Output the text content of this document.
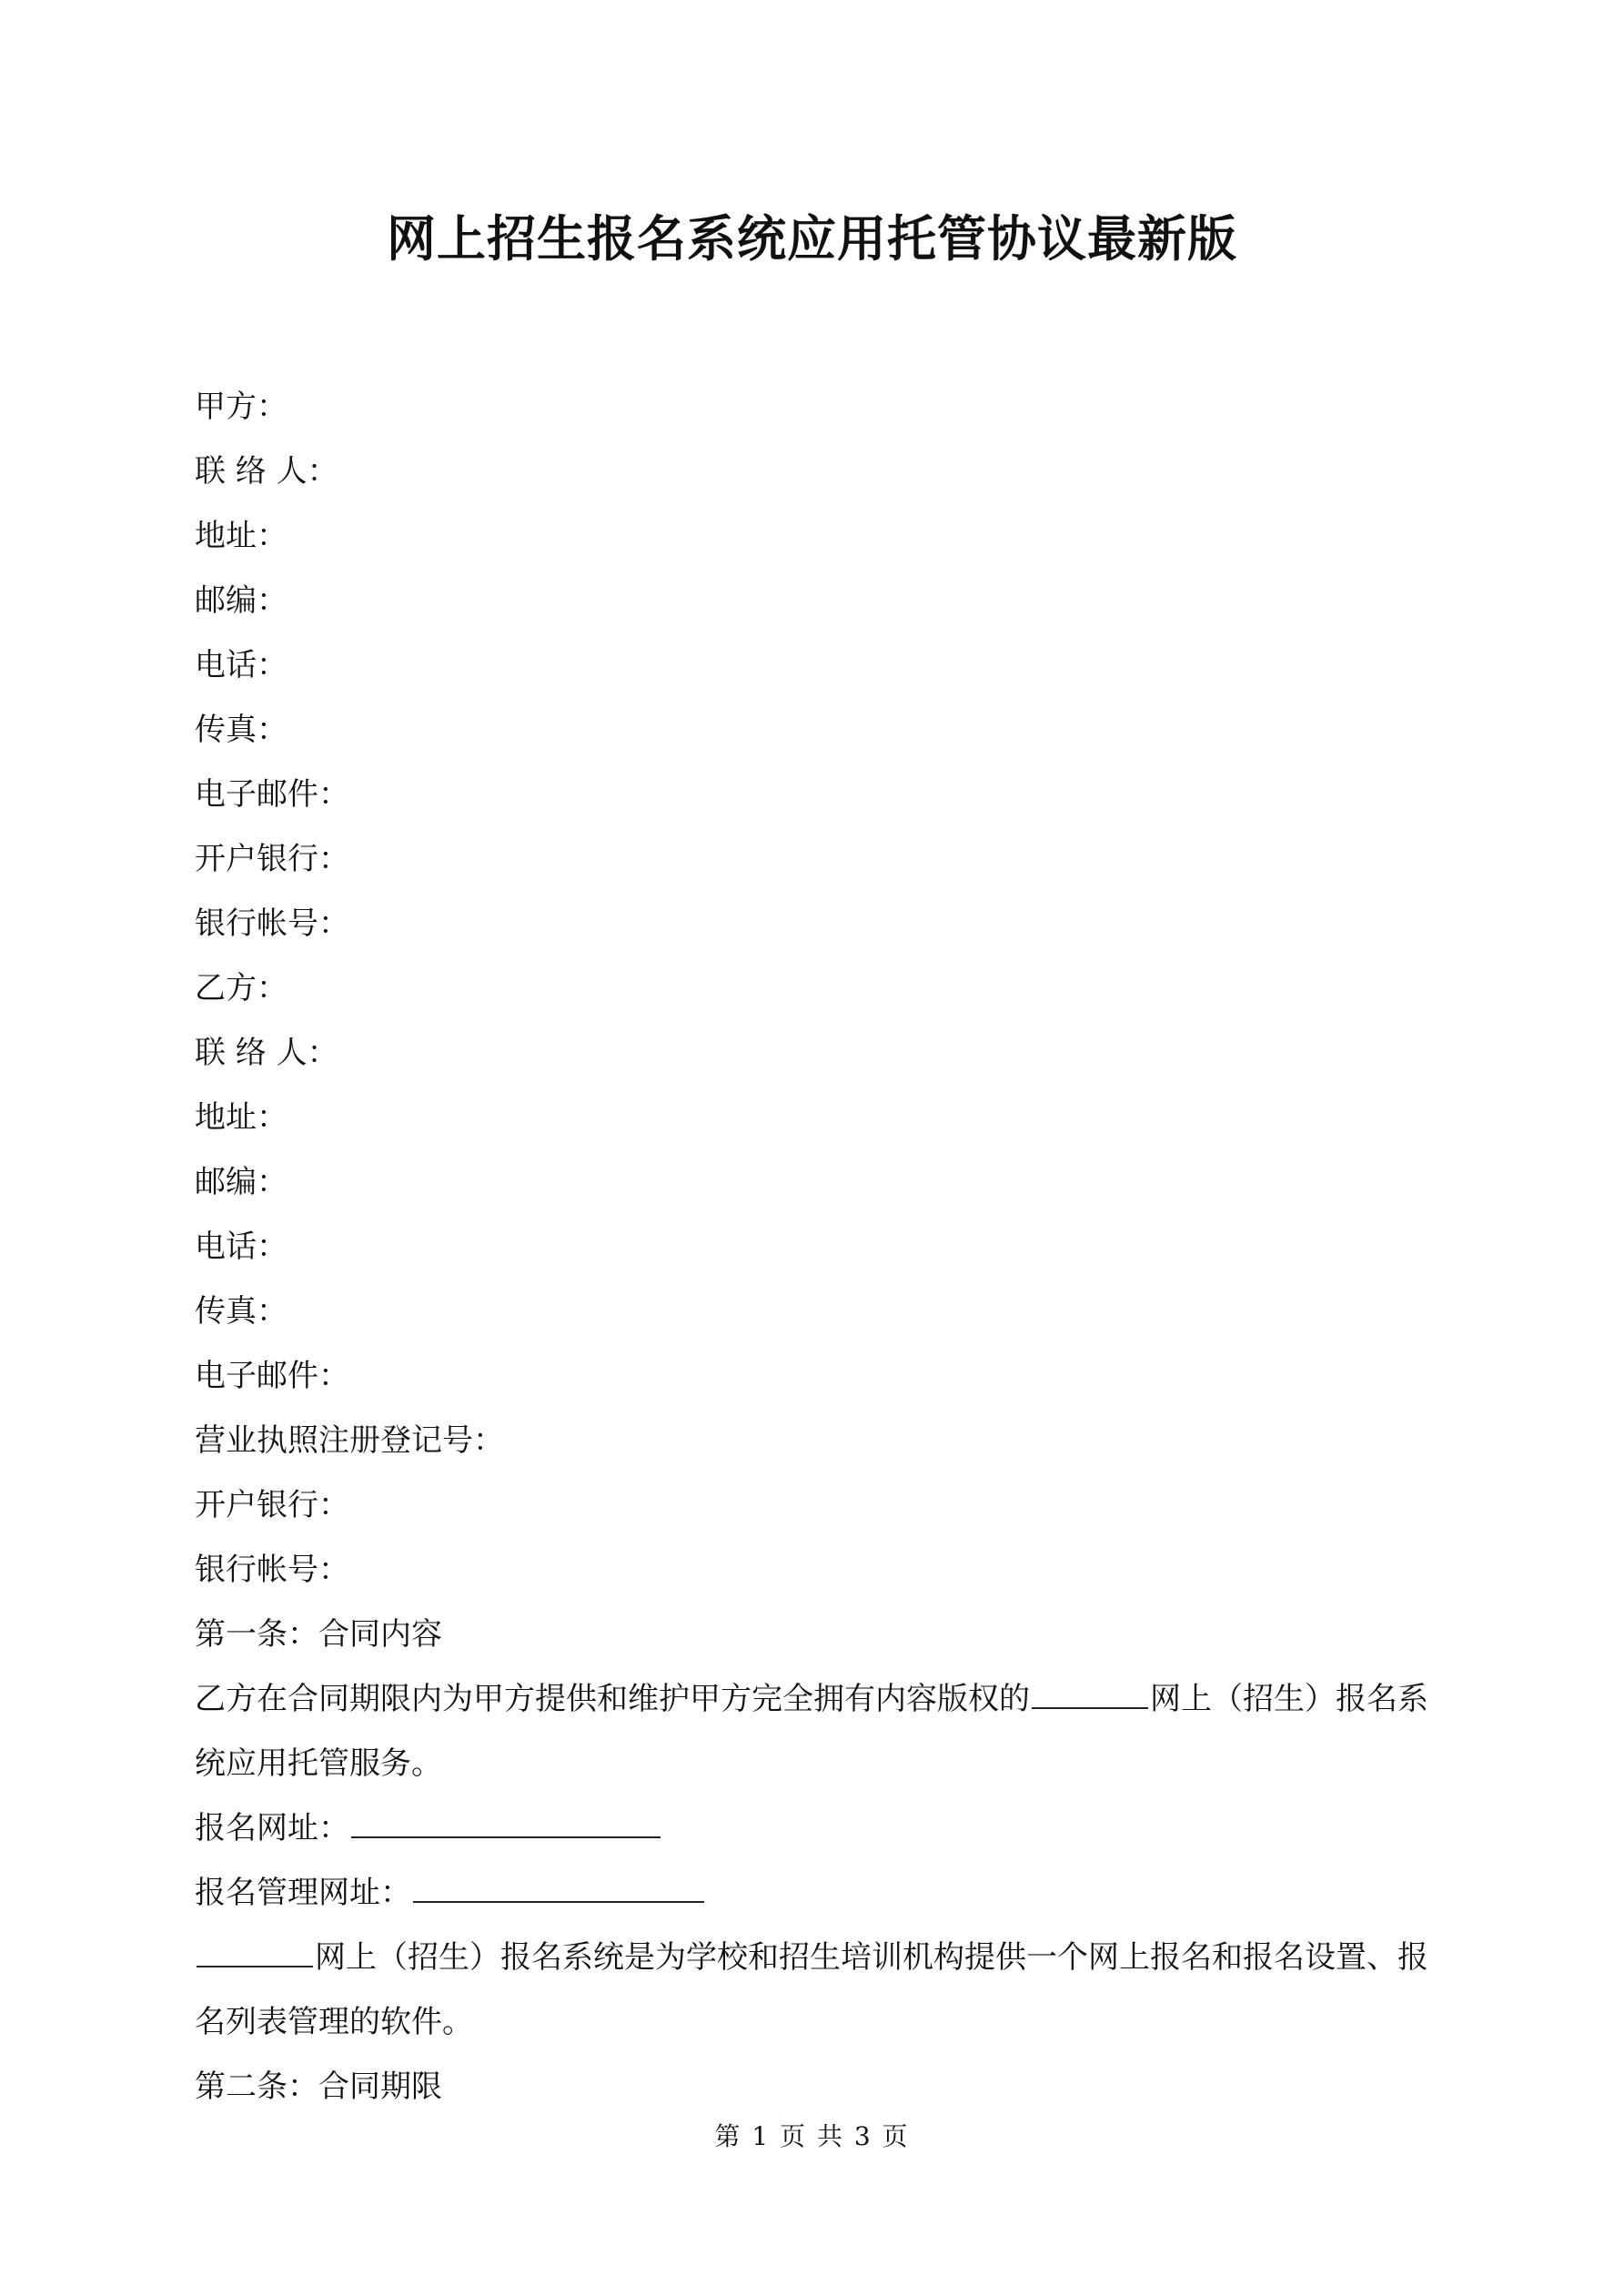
网上招生报名系统应用托管协议最新版
甲方：
联 络 人：
地址：
邮编：
电话：
传真：
电子邮件：
开户银行：
银行帐号：
乙方：
联 络 人：
地址：
邮编：
电话：
传真：
电子邮件：
营业执照注册登记号：
开户银行：
银行帐号：
第一条：合同内容
乙方在合同期限内为甲方提供和维护甲方完全拥有内容版权的	网上（招生）报名系统应用托管服务。
报名网址：
报名管理网址：
网上（招生）报名系统是为学校和招生培训机构提供一个网上报名和报名设置、报名列表管理的软件。
第二条：合同期限
第 1 页 共 3 页
